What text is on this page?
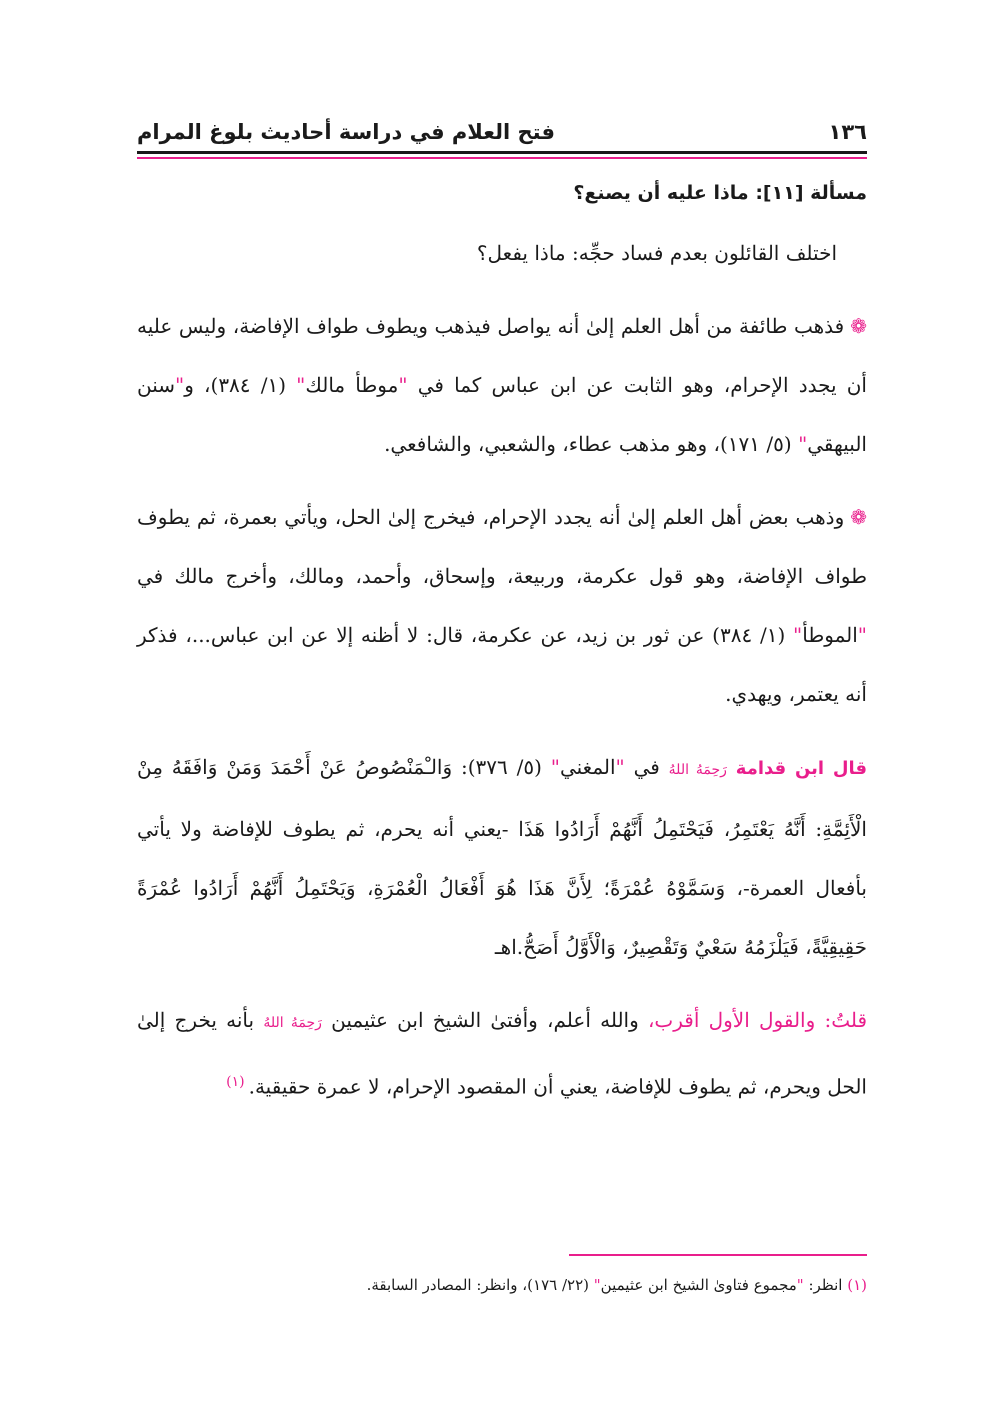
١٣٦
فتح العلام في دراسة أحاديث بلوغ المرام

مسألة [١١]: ماذا عليه أن يصنع؟

اختلف القائلون بعدم فساد حجِّه: ماذا يفعل؟

❁فذهب طائفة من أهل العلم إلىٰ أنه يواصل فيذهب ويطوف طواف الإفاضة، وليس عليه أن يجدد الإحرام، وهو الثابت عن ابن عباس كما في "موطأ مالك" (١/ ٣٨٤)، و"سنن البيهقي" (٥/ ١٧١)، وهو مذهب عطاء، والشعبي، والشافعي.

❁وذهب بعض أهل العلم إلىٰ أنه يجدد الإحرام، فيخرج إلىٰ الحل، ويأتي بعمرة، ثم يطوف طواف الإفاضة، وهو قول عكرمة، وربيعة، وإسحاق، وأحمد، ومالك، وأخرج مالك في "الموطأ" (١/ ٣٨٤) عن ثور بن زيد، عن عكرمة، قال: لا أظنه إلا عن ابن عباس...، فذكر أنه يعتمر، ويهدي.

قال ابن قدامة رَحِمَهُ اللهُ في "المغني" (٥/ ٣٧٦): وَالـْمَنْصُوصُ عَنْ أَحْمَدَ وَمَنْ وَافَقَهُ مِنْ الْأَئِمَّةِ: أَنَّهُ يَعْتَمِرُ، فَيَحْتَمِلُ أَنَّهُمْ أَرَادُوا هَذَا -يعني أنه يحرم، ثم يطوف للإفاضة ولا يأتي بأفعال العمرة-، وَسَمَّوْهُ عُمْرَةً؛ لِأَنَّ هَذَا هُوَ أَفْعَالُ الْعُمْرَةِ، وَيَحْتَمِلُ أَنَّهُمْ أَرَادُوا عُمْرَةً حَقِيقِيَّةً، فَيَلْزَمُهُ سَعْيٌ وَتَقْصِيرٌ، وَالْأَوَّلُ أَصَحُّ.اهـ

قلتُ: والقول الأول أقرب، والله أعلم، وأفتىٰ الشيخ ابن عثيمين رَحِمَهُ اللهُ بأنه يخرج إلىٰ الحل ويحرم، ثم يطوف للإفاضة، يعني أن المقصود الإحرام، لا عمرة حقيقية.$^{(١)}$

(١) انظر: "مجموع فتاوىٰ الشيخ ابن عثيمين" (٢٢/ ١٧٦)، وانظر: المصادر السابقة.
